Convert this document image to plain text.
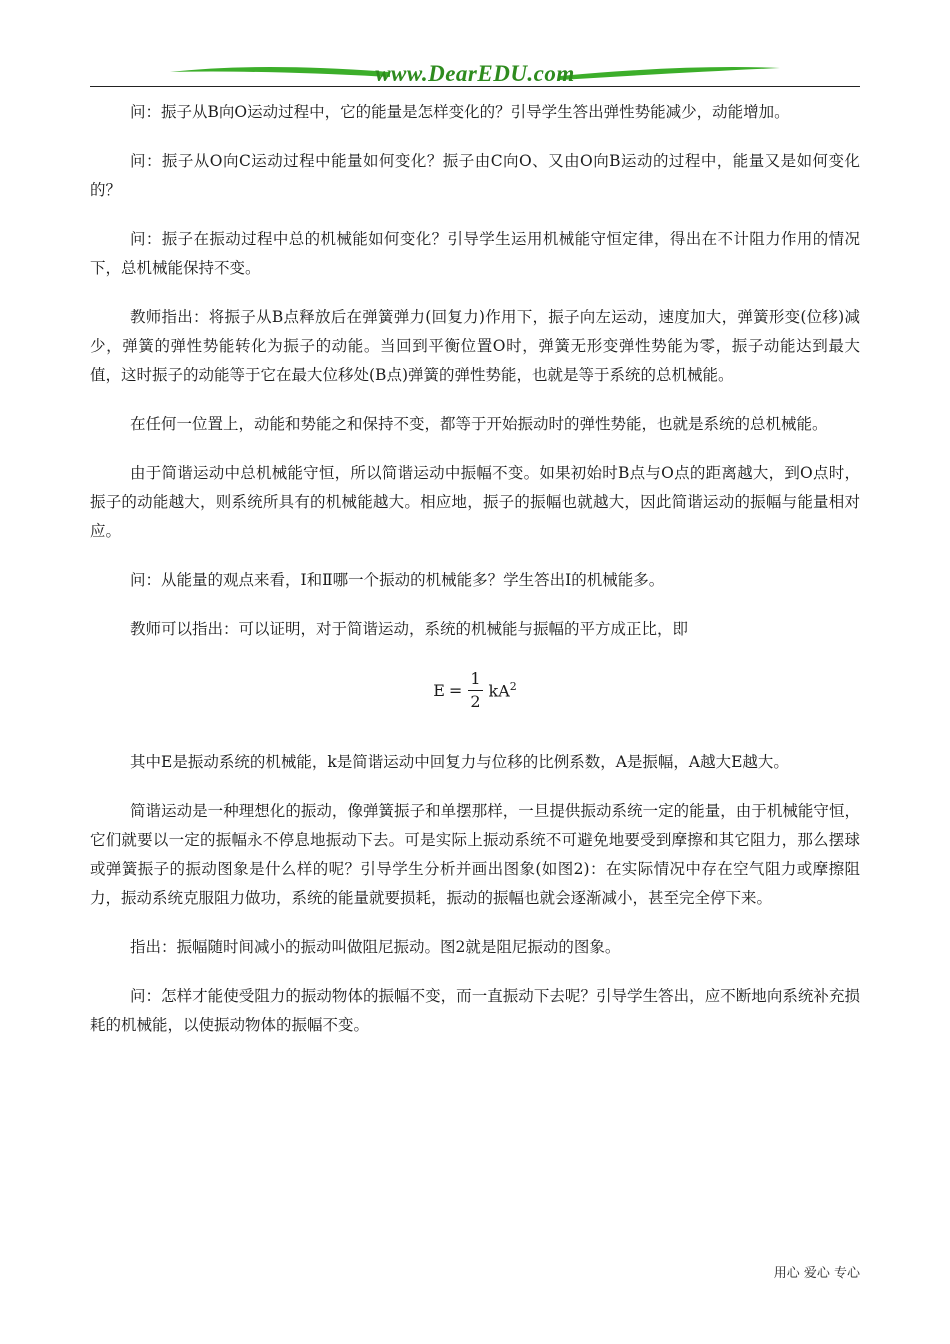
www.DearEDU.com

问：振子从B向O运动过程中，它的能量是怎样变化的？引导学生答出弹性势能减少，动能增加。

问：振子从O向C运动过程中能量如何变化？振子由C向O、又由O向B运动的过程中，能量又是如何变化的？

问：振子在振动过程中总的机械能如何变化？引导学生运用机械能守恒定律，得出在不计阻力作用的情况下，总机械能保持不变。

教师指出：将振子从B点释放后在弹簧弹力(回复力)作用下，振子向左运动，速度加大，弹簧形变(位移)减少，弹簧的弹性势能转化为振子的动能。当回到平衡位置O时，弹簧无形变弹性势能为零，振子动能达到最大值，这时振子的动能等于它在最大位移处(B点)弹簧的弹性势能，也就是等于系统的总机械能。

在任何一位置上，动能和势能之和保持不变，都等于开始振动时的弹性势能，也就是系统的总机械能。

由于简谐运动中总机械能守恒，所以简谐运动中振幅不变。如果初始时B点与O点的距离越大，到O点时，振子的动能越大，则系统所具有的机械能越大。相应地，振子的振幅也就越大，因此简谐运动的振幅与能量相对应。

问：从能量的观点来看，Ⅰ和Ⅱ哪一个振动的机械能多？学生答出Ⅰ的机械能多。

教师可以指出：可以证明，对于简谐运动，系统的机械能与振幅的平方成正比，即

$E = \frac{1}{2} kA^2$

其中E是振动系统的机械能，k是简谐运动中回复力与位移的比例系数，A是振幅，A越大E越大。

简谐运动是一种理想化的振动，像弹簧振子和单摆那样，一旦提供振动系统一定的能量，由于机械能守恒，它们就要以一定的振幅永不停息地振动下去。可是实际上振动系统不可避免地要受到摩擦和其它阻力，那么摆球或弹簧振子的振动图象是什么样的呢？引导学生分析并画出图象(如图2)：在实际情况中存在空气阻力或摩擦阻力，振动系统克服阻力做功，系统的能量就要损耗，振动的振幅也就会逐渐减小，甚至完全停下来。

指出：振幅随时间减小的振动叫做阻尼振动。图2就是阻尼振动的图象。

问：怎样才能使受阻力的振动物体的振幅不变，而一直振动下去呢？引导学生答出，应不断地向系统补充损耗的机械能，以使振动物体的振幅不变。

用心 爱心 专心
